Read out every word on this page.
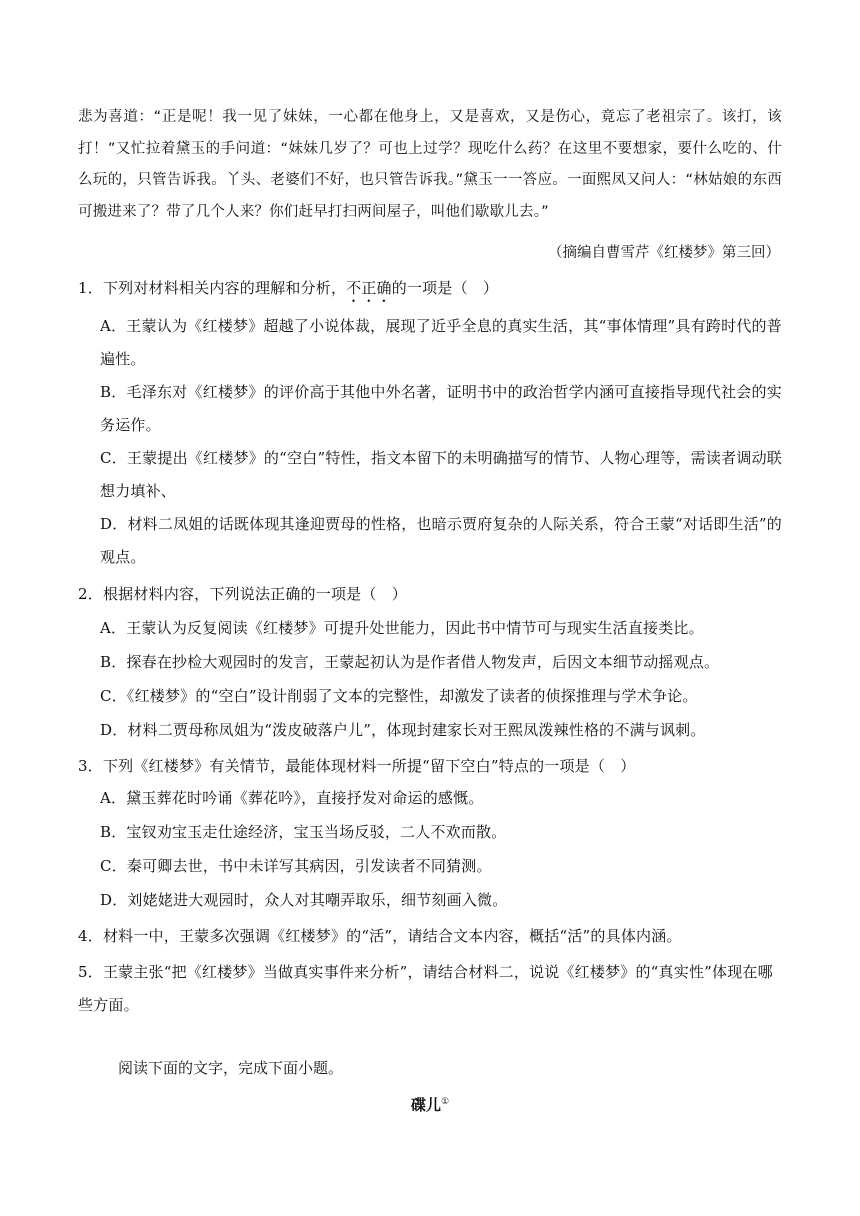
悲为喜道：“正是呢！我一见了妹妹，一心都在他身上，又是喜欢，又是伤心，竟忘了老祖宗了。该打，该打！”又忙拉着黛玉的手问道：“妹妹几岁了？可也上过学？现吃什么药？在这里不要想家，要什么吃的、什么玩的，只管告诉我。丫头、老婆们不好，也只管告诉我。”黛玉一一答应。一面熙凤又问人：“林姑娘的东西可搬进来了？带了几个人来？你们赶早打扫两间屋子，叫他们歇歇儿去。”

（摘编自曹雪芹《红楼梦》第三回）
1．下列对材料相关内容的理解和分析，不正确的一项是（　）
A．王蒙认为《红楼梦》超越了小说体裁，展现了近乎全息的真实生活，其“事体情理”具有跨时代的普遍性。
B．毛泽东对《红楼梦》的评价高于其他中外名著，证明书中的政治哲学内涵可直接指导现代社会的实务运作。
C．王蒙提出《红楼梦》的“空白”特性，指文本留下的未明确描写的情节、人物心理等，需读者调动联想力填补、
D．材料二凤姐的话既体现其逢迎贾母的性格，也暗示贾府复杂的人际关系，符合王蒙“对话即生活”的观点。
2．根据材料内容，下列说法正确的一项是（　）
A．王蒙认为反复阅读《红楼梦》可提升处世能力，因此书中情节可与现实生活直接类比。
B．探春在抄检大观园时的发言，王蒙起初认为是作者借人物发声，后因文本细节动摇观点。
C．《红楼梦》的“空白”设计削弱了文本的完整性，却激发了读者的侦探推理与学术争论。
D．材料二贾母称凤姐为“泼皮破落户儿”，体现封建家长对王熙凤泼辣性格的不满与讽刺。
3．下列《红楼梦》有关情节，最能体现材料一所提“留下空白”特点的一项是（　）
A．黛玉葬花时吟诵《葬花吟》，直接抒发对命运的感慨。
B．宝钗劝宝玉走仕途经济，宝玉当场反驳，二人不欢而散。
C．秦可卿去世，书中未详写其病因，引发读者不同猜测。
D．刘姥姥进大观园时，众人对其嘲弄取乐，细节刻画入微。
4．材料一中，王蒙多次强调《红楼梦》的“活”，请结合文本内容，概括“活”的具体内涵。
5．王蒙主张“把《红楼梦》当做真实事件来分析”，请结合材料二，说说《红楼梦》的“真实性”体现在哪些方面。
阅读下面的文字，完成下面小题。
碟儿①
